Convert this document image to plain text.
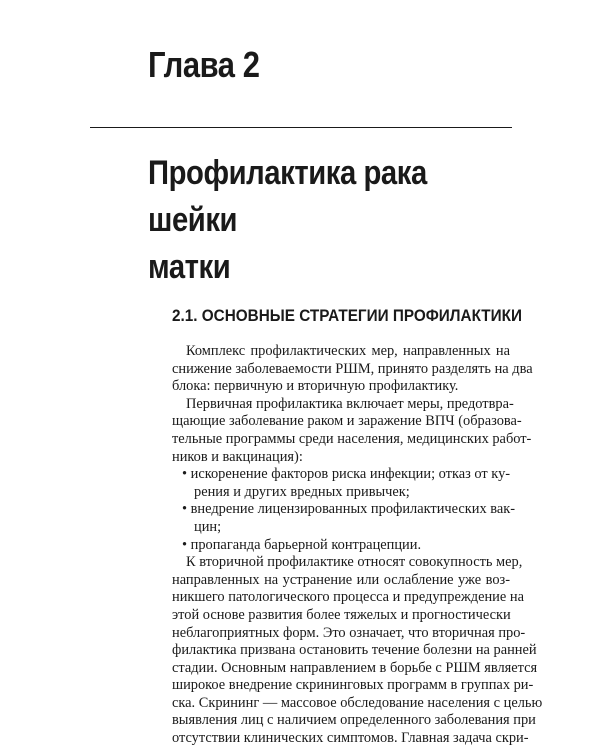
Глава 2
Профилактика рака шейки
матки
2.1. ОСНОВНЫЕ СТРАТЕГИИ ПРОФИЛАКТИКИ
Комплекс профилактических мер, направленных на
снижение заболеваемости РШМ, принято разделять на два
блока: первичную и вторичную профилактику.
Первичная профилактика включает меры, предотвра-
щающие заболевание раком и заражение ВПЧ (образова-
тельные программы среди населения, медицинских работ-
ников и вакцинация):
• искоренение факторов риска инфекции; отказ от ку-
рения и других вредных привычек;
• внедрение лицензированных профилактических вак-
цин;
• пропаганда барьерной контрацепции.
К вторичной профилактике относят совокупность мер,
направленных на устранение или ослабление уже воз-
никшего патологического процесса и предупреждение на
этой основе развития более тяжелых и прогностически
неблагоприятных форм. Это означает, что вторичная про-
филактика призвана остановить течение болезни на ранней
стадии. Основным направлением в борьбе с РШМ является
широкое внедрение скрининговых программ в группах ри-
ска. Скрининг — массовое обследование населения с целью
выявления лиц с наличием определенного заболевания при
отсутствии клинических симптомов. Главная задача скри-
